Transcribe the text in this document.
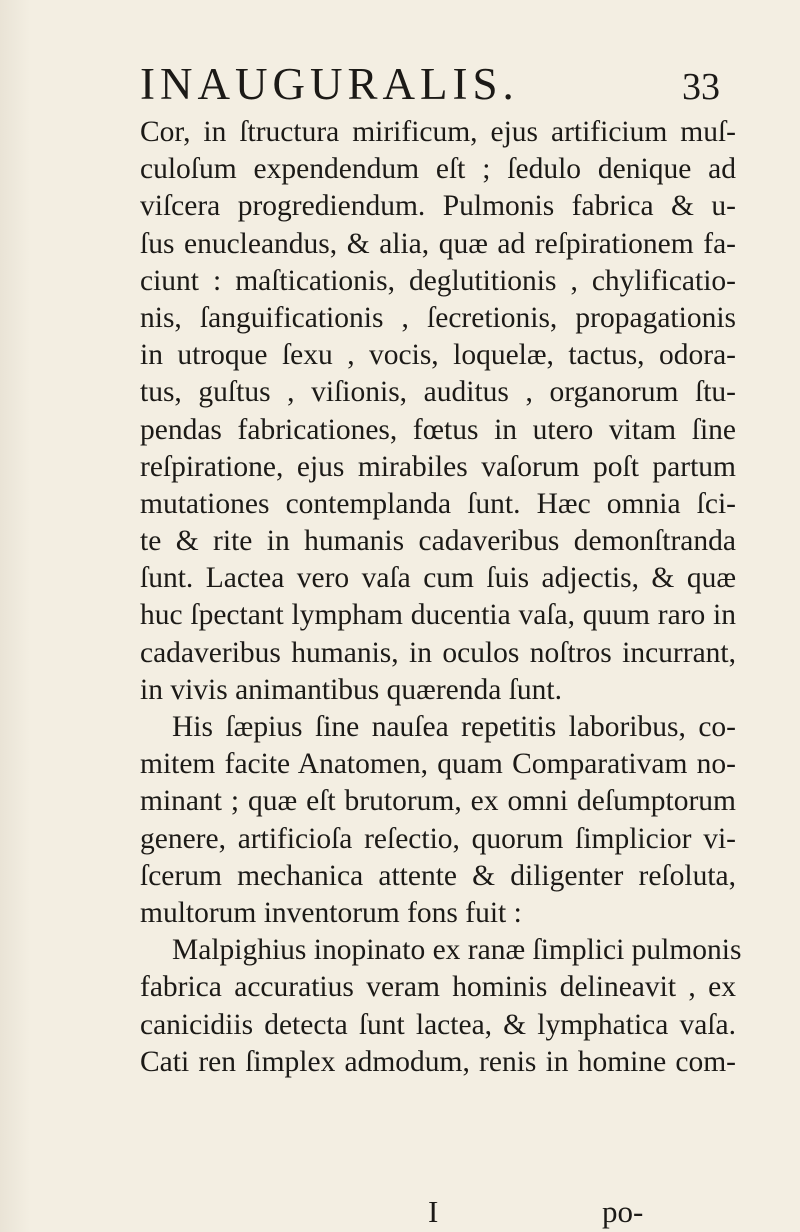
INAUGURALIS.	33
Cor, in ſtructura mirificum, ejus artificium muſ-
culoſum expendendum eſt ; ſedulo denique ad
viſcera progrediendum. Pulmonis fabrica & u-
ſus enucleandus, & alia, quæ ad reſpirationem fa-
ciunt : maſticationis, deglutitionis , chylificatio-
nis, ſanguificationis , ſecretionis, propagationis
in utroque ſexu , vocis, loquelæ, tactus, odora-
tus, guſtus , viſionis, auditus , organorum ſtu-
pendas fabricationes, fœtus in utero vitam ſine
reſpiratione, ejus mirabiles vaſorum poſt partum
mutationes contemplanda ſunt. Hæc omnia ſci-
te & rite in humanis cadaveribus demonſtranda
ſunt. Lactea vero vaſa cum ſuis adjectis, & quæ
huc ſpectant lympham ducentia vaſa, quum raro in
cadaveribus humanis, in oculos noſtros incurrant,
in vivis animantibus quærenda ſunt.
His ſæpius ſine nauſea repetitis laboribus, co-
mitem facite Anatomen, quam Comparativam no-
minant ; quæ eſt brutorum, ex omni deſumptorum
genere, artificioſa reſectio, quorum ſimplicior vi-
ſcerum mechanica attente & diligenter reſoluta,
multorum inventorum fons fuit :
Malpighius inopinato ex ranæ ſimplici pulmonis
fabrica accuratius veram hominis delineavit , ex
canicidiis detecta ſunt lactea, & lymphatica vaſa.
Cati ren ſimplex admodum, renis in homine com-
I	po-
